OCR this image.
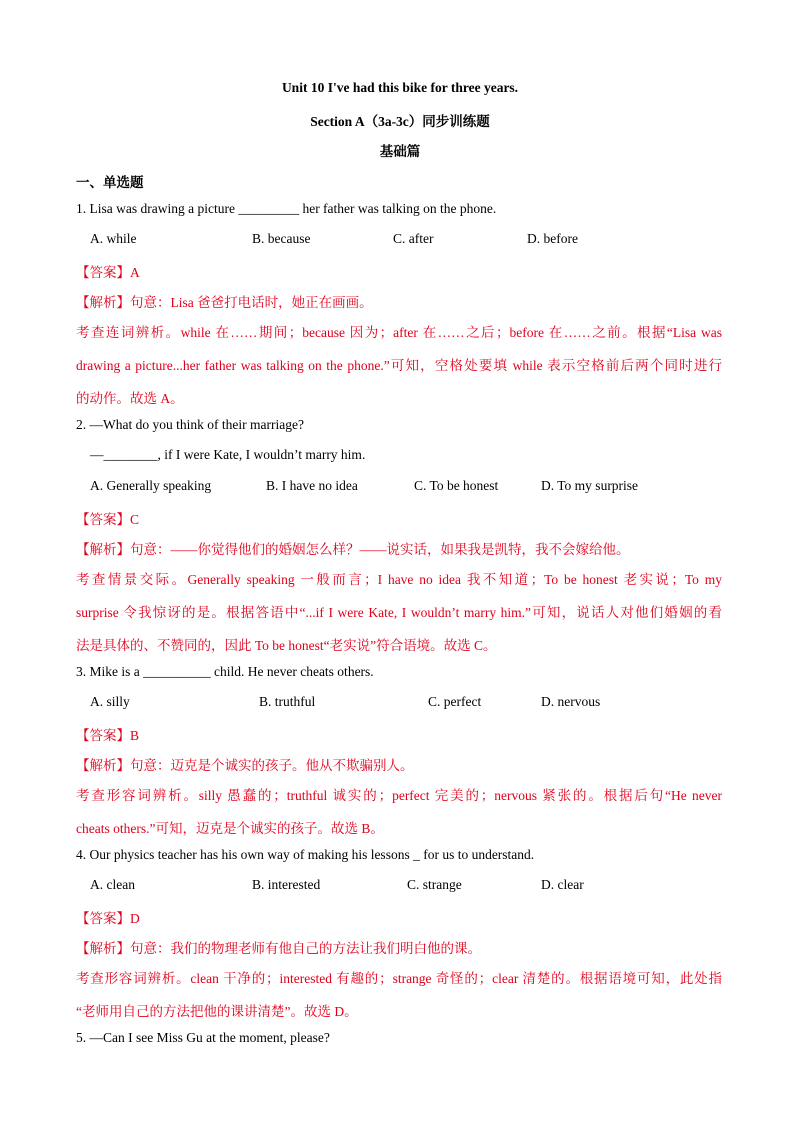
Unit 10 I've had this bike for three years.
Section A（3a-3c）同步训练题
基础篇
一、单选题
1. Lisa was drawing a picture _________ her father was talking on the phone.
A. while	B. because	C. after	D. before
【答案】A
【解析】句意：Lisa 爸爸打电话时，她正在画画。
考查连词辨析。while 在……期间；because 因为；after 在……之后；before 在……之前。根据“Lisa was
drawing a picture...her father was talking on the phone.”可知，空格处要填 while 表示空格前后两个同时进行
的动作。故选 A。
2. —What do you think of their marriage?
—________, if I were Kate, I wouldn’t marry him.
A. Generally speaking	B. I have no idea	C. To be honest	D. To my surprise
【答案】C
【解析】句意：——你觉得他们的婚姻怎么样？——说实话，如果我是凯特，我不会嫁给他。
考查情景交际。Generally speaking 一般而言；I have no idea 我不知道；To be honest 老实说；To my
surprise 令我惊讶的是。根据答语中“...if I were Kate, I wouldn’t marry him.”可知，说话人对他们婚姻的看
法是具体的、不赞同的，因此 To be honest“老实说”符合语境。故选 C。
3. Mike is a __________ child. He never cheats others.
A. silly	B. truthful	C. perfect	D. nervous
【答案】B
【解析】句意：迈克是个诚实的孩子。他从不欺骗别人。
考查形容词辨析。silly 愚蠢的；truthful 诚实的；perfect 完美的；nervous 紧张的。根据后句“He never
cheats others.”可知，迈克是个诚实的孩子。故选 B。
4. Our physics teacher has his own way of making his lessons _ for us to understand.
A. clean	B. interested	C. strange	D. clear
【答案】D
【解析】句意：我们的物理老师有他自己的方法让我们明白他的课。
考查形容词辨析。clean 干净的；interested 有趣的；strange 奇怪的；clear 清楚的。根据语境可知，此处指
“老师用自己的方法把他的课讲清楚”。故选 D。
5. —Can I see Miss Gu at the moment, please?
